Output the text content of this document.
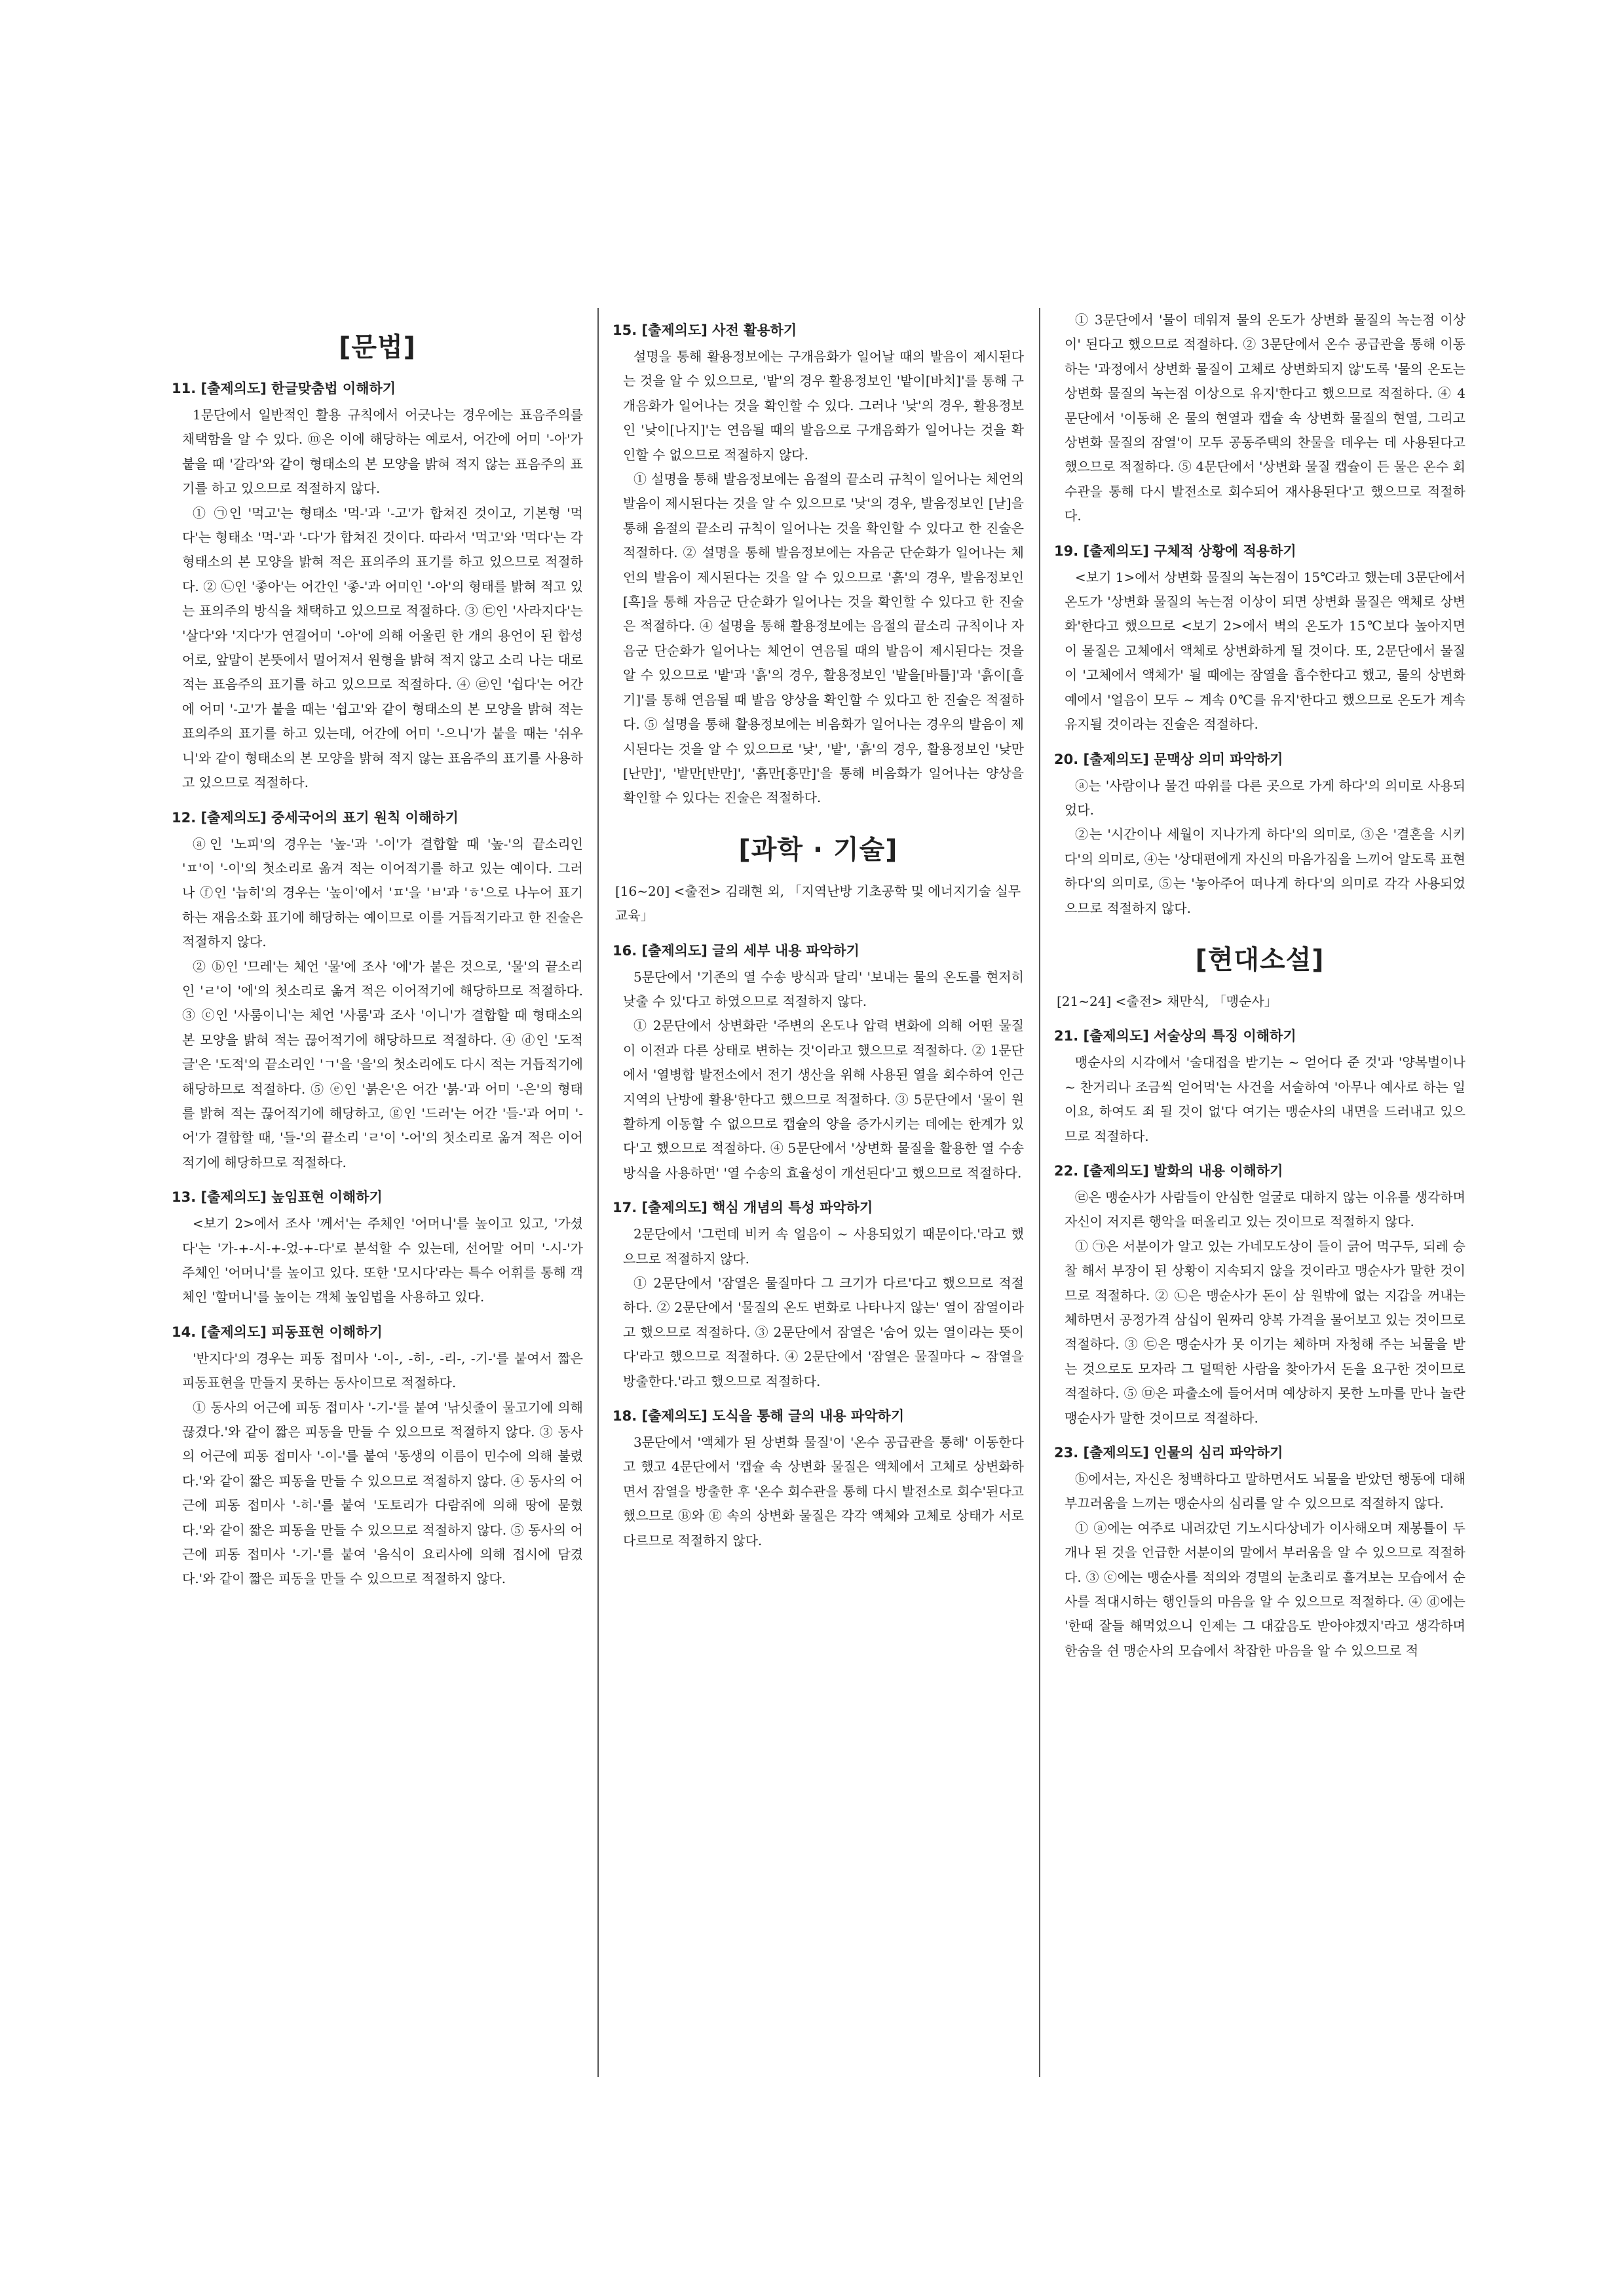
[문법]
11. [출제의도] 한글맞춤법 이해하기

1문단에서 일반적인 활용 규칙에서 어긋나는 경우에는 표음주의를 채택함을 알 수 있다. ⓜ은 이에 해당하는 예로서, 어간에 어미 '-아'가 붙을 때 '갈라'와 같이 형태소의 본 모양을 밝혀 적지 않는 표음주의 표기를 하고 있으므로 적절하지 않다.

① ㉠인 '먹고'는 형태소 '먹-'과 '-고'가 합쳐진 것이고, 기본형 '먹다'는 형태소 '먹-'과 '-다'가 합쳐진 것이다. 따라서 '먹고'와 '먹다'는 각 형태소의 본 모양을 밝혀 적은 표의주의 표기를 하고 있으므로 적절하다. ② ㉡인 '좋아'는 어간인 '좋-'과 어미인 '-아'의 형태를 밝혀 적고 있는 표의주의 방식을 채택하고 있으므로 적절하다. ③ ㉢인 '사라지다'는 '살다'와 '지다'가 연결어미 '-아'에 의해 어울린 한 개의 용언이 된 합성어로, 앞말이 본뜻에서 멀어져서 원형을 밝혀 적지 않고 소리 나는 대로 적는 표음주의 표기를 하고 있으므로 적절하다. ④ ㉣인 '쉽다'는 어간에 어미 '-고'가 붙을 때는 '쉽고'와 같이 형태소의 본 모양을 밝혀 적는 표의주의 표기를 하고 있는데, 어간에 어미 '-으니'가 붙을 때는 '쉬우니'와 같이 형태소의 본 모양을 밝혀 적지 않는 표음주의 표기를 사용하고 있으므로 적절하다.

12. [출제의도] 중세국어의 표기 원칙 이해하기

ⓐ인 '노피'의 경우는 '높-'과 '-이'가 결합할 때 '높-'의 끝소리인 'ㅍ'이 '-이'의 첫소리로 옮겨 적는 이어적기를 하고 있는 예이다. 그러나 ⓕ인 '늡히'의 경우는 '높이'에서 'ㅍ'을 'ㅂ'과 'ㅎ'으로 나누어 표기하는 재음소화 표기에 해당하는 예이므로 이를 거듭적기라고 한 진술은 적절하지 않다.

② ⓑ인 '므레'는 체언 '물'에 조사 '에'가 붙은 것으로, '물'의 끝소리인 'ㄹ'이 '에'의 첫소리로 옮겨 적은 이어적기에 해당하므로 적절하다. ③ ⓒ인 '사룸이니'는 체언 '사룸'과 조사 '이니'가 결합할 때 형태소의 본 모양을 밝혀 적는 끊어적기에 해당하므로 적절하다. ④ ⓓ인 '도적글'은 '도적'의 끝소리인 'ㄱ'을 '을'의 첫소리에도 다시 적는 거듭적기에 해당하므로 적절하다. ⑤ ⓔ인 '붉은'은 어간 '붉-'과 어미 '-은'의 형태를 밝혀 적는 끊어적기에 해당하고, ⓖ인 '드러'는 어간 '들-'과 어미 '-어'가 결합할 때, '들-'의 끝소리 'ㄹ'이 '-어'의 첫소리로 옮겨 적은 이어적기에 해당하므로 적절하다.

13. [출제의도] 높임표현 이해하기

<보기 2>에서 조사 '께서'는 주체인 '어머니'를 높이고 있고, '가셨다'는 '가-+-시-+-었-+-다'로 분석할 수 있는데, 선어말 어미 '-시-'가 주체인 '어머니'를 높이고 있다. 또한 '모시다'라는 특수 어휘를 통해 객체인 '할머니'를 높이는 객체 높임법을 사용하고 있다.

14. [출제의도] 피동표현 이해하기

'반지다'의 경우는 피동 접미사 '-이-, -히-, -리-, -기-'를 붙여서 짧은 피동표현을 만들지 못하는 동사이므로 적절하다.

① 동사의 어근에 피동 접미사 '-기-'를 붙여 '낚싯줄이 물고기에 의해 끊겼다.'와 같이 짧은 피동을 만들 수 있으므로 적절하지 않다. ③ 동사의 어근에 피동 접미사 '-이-'를 붙여 '동생의 이름이 민수에 의해 불렸다.'와 같이 짧은 피동을 만들 수 있으므로 적절하지 않다. ④ 동사의 어근에 피동 접미사 '-히-'를 붙여 '도토리가 다람쥐에 의해 땅에 묻혔다.'와 같이 짧은 피동을 만들 수 있으므로 적절하지 않다. ⑤ 동사의 어근에 피동 접미사 '-기-'를 붙여 '음식이 요리사에 의해 접시에 담겼다.'와 같이 짧은 피동을 만들 수 있으므로 적절하지 않다.

15. [출제의도] 사전 활용하기

설명을 통해 활용정보에는 구개음화가 일어날 때의 발음이 제시된다는 것을 알 수 있으므로, '밭'의 경우 활용정보인 '밭이[바치]'를 통해 구개음화가 일어나는 것을 확인할 수 있다. 그러나 '낮'의 경우, 활용정보인 '낮이[나지]'는 연음될 때의 발음으로 구개음화가 일어나는 것을 확인할 수 없으므로 적절하지 않다.

① 설명을 통해 발음정보에는 음절의 끝소리 규칙이 일어나는 체언의 발음이 제시된다는 것을 알 수 있으므로 '낮'의 경우, 발음정보인 [낟]을 통해 음절의 끝소리 규칙이 일어나는 것을 확인할 수 있다고 한 진술은 적절하다. ② 설명을 통해 발음정보에는 자음군 단순화가 일어나는 체언의 발음이 제시된다는 것을 알 수 있으므로 '흙'의 경우, 발음정보인 [흑]을 통해 자음군 단순화가 일어나는 것을 확인할 수 있다고 한 진술은 적절하다. ④ 설명을 통해 활용정보에는 음절의 끝소리 규칙이나 자음군 단순화가 일어나는 체언이 연음될 때의 발음이 제시된다는 것을 알 수 있으므로 '밭'과 '흙'의 경우, 활용정보인 '밭을[바틀]'과 '흙이[흘기]'를 통해 연음될 때 발음 양상을 확인할 수 있다고 한 진술은 적절하다. ⑤ 설명을 통해 활용정보에는 비음화가 일어나는 경우의 발음이 제시된다는 것을 알 수 있으므로 '낮', '밭', '흙'의 경우, 활용정보인 '낮만[난만]', '밭만[반만]', '흙만[흥만]'을 통해 비음화가 일어나는 양상을 확인할 수 있다는 진술은 적절하다.

[과학 · 기술]

[16~20] <출전> 김래현 외, 「지역난방 기초공학 및 에너지기술 실무교육」

16. [출제의도] 글의 세부 내용 파악하기

5문단에서 '기존의 열 수송 방식과 달리' '보내는 물의 온도를 현저히 낮출 수 있'다고 하였으므로 적절하지 않다.

① 2문단에서 상변화란 '주변의 온도나 압력 변화에 의해 어떤 물질이 이전과 다른 상태로 변하는 것'이라고 했으므로 적절하다. ② 1문단에서 '열병합 발전소에서 전기 생산을 위해 사용된 열을 회수하여 인근 지역의 난방에 활용'한다고 했으므로 적절하다. ③ 5문단에서 '물이 원활하게 이동할 수 없으므로 캡슐의 양을 증가시키는 데에는 한계가 있다'고 했으므로 적절하다. ④ 5문단에서 '상변화 물질을 활용한 열 수송 방식을 사용하면' '열 수송의 효율성이 개선된다'고 했으므로 적절하다.

17. [출제의도] 핵심 개념의 특성 파악하기

2문단에서 '그런데 비커 속 얼음이 ~ 사용되었기 때문이다.'라고 했으므로 적절하지 않다.

① 2문단에서 '잠열은 물질마다 그 크기가 다르'다고 했으므로 적절하다. ② 2문단에서 '물질의 온도 변화로 나타나지 않는' 열이 잠열이라고 했으므로 적절하다. ③ 2문단에서 잠열은 '숨어 있는 열이라는 뜻이다'라고 했으므로 적절하다. ④ 2문단에서 '잠열은 물질마다 ~ 잠열을 방출한다.'라고 했으므로 적절하다.

18. [출제의도] 도식을 통해 글의 내용 파악하기

3문단에서 '액체가 된 상변화 물질'이 '온수 공급관을 통해' 이동한다고 했고 4문단에서 '캡슐 속 상변화 물질은 액체에서 고체로 상변화하면서 잠열을 방출한 후 '온수 회수관을 통해 다시 발전소로 회수'된다고 했으므로 Ⓑ와 Ⓔ 속의 상변화 물질은 각각 액체와 고체로 상태가 서로 다르므로 적절하지 않다.

① 3문단에서 '물이 데워져 물의 온도가 상변화 물질의 녹는점 이상이' 된다고 했으므로 적절하다. ② 3문단에서 온수 공급관을 통해 이동하는 '과정에서 상변화 물질이 고체로 상변화되지 않'도록 '물의 온도는 상변화 물질의 녹는점 이상으로 유지'한다고 했으므로 적절하다. ④ 4문단에서 '이동해 온 물의 현열과 캡슐 속 상변화 물질의 현열, 그리고 상변화 물질의 잠열'이 모두 공동주택의 찬물을 데우는 데 사용된다고 했으므로 적절하다. ⑤ 4문단에서 '상변화 물질 캡슐이 든 물은 온수 회수관을 통해 다시 발전소로 회수되어 재사용된다'고 했으므로 적절하다.

19. [출제의도] 구체적 상황에 적용하기

<보기 1>에서 상변화 물질의 녹는점이 15℃라고 했는데 3문단에서 온도가 '상변화 물질의 녹는점 이상이 되면 상변화 물질은 액체로 상변화'한다고 했으므로 <보기 2>에서 벽의 온도가 15℃보다 높아지면 이 물질은 고체에서 액체로 상변화하게 될 것이다. 또, 2문단에서 물질이 '고체에서 액체가' 될 때에는 잠열을 흡수한다고 했고, 물의 상변화 예에서 '얼음이 모두 ~ 계속 0℃를 유지'한다고 했으므로 온도가 계속 유지될 것이라는 진술은 적절하다.

20. [출제의도] 문맥상 의미 파악하기

ⓐ는 '사람이나 물건 따위를 다른 곳으로 가게 하다'의 의미로 사용되었다.

②는 '시간이나 세월이 지나가게 하다'의 의미로, ③은 '결혼을 시키다'의 의미로, ④는 '상대편에게 자신의 마음가짐을 느끼어 알도록 표현하다'의 의미로, ⑤는 '놓아주어 떠나게 하다'의 의미로 각각 사용되었으므로 적절하지 않다.

[현대소설]

[21~24] <출전> 채만식, 「맹순사」

21. [출제의도] 서술상의 특징 이해하기

맹순사의 시각에서 '술대접을 받기는 ~ 얻어다 준 것'과 '양복벌이나 ~ 찬거리나 조금씩 얻어먹'는 사건을 서술하여 '아무나 예사로 하는 일이요, 하여도 죄 될 것이 없'다 여기는 맹순사의 내면을 드러내고 있으므로 적절하다.

22. [출제의도] 발화의 내용 이해하기

㉣은 맹순사가 사람들이 안심한 얼굴로 대하지 않는 이유를 생각하며 자신이 저지른 행악을 떠올리고 있는 것이므로 적절하지 않다.

① ㉠은 서분이가 알고 있는 가네모도상이 들이 긁어 먹구두, 되레 승찰 해서 부장이 된 상황이 지속되지 않을 것이라고 맹순사가 말한 것이므로 적절하다. ② ㉡은 맹순사가 돈이 삼 원밖에 없는 지갑을 꺼내는 체하면서 공정가격 삼십이 원짜리 양복 가격을 물어보고 있는 것이므로 적절하다. ③ ㉢은 맹순사가 못 이기는 체하며 자청해 주는 뇌물을 받는 것으로도 모자라 그 덜떡한 사람을 찾아가서 돈을 요구한 것이므로 적절하다. ⑤ ㉤은 파출소에 들어서며 예상하지 못한 노마를 만나 놀란 맹순사가 말한 것이므로 적절하다.

23. [출제의도] 인물의 심리 파악하기

ⓑ에서는, 자신은 청백하다고 말하면서도 뇌물을 받았던 행동에 대해 부끄러움을 느끼는 맹순사의 심리를 알 수 있으므로 적절하지 않다.

① ⓐ에는 여주로 내려갔던 기노시다상네가 이사해오며 재봉틀이 두 개나 된 것을 언급한 서분이의 말에서 부러움을 알 수 있으므로 적절하다. ③ ⓒ에는 맹순사를 적의와 경멸의 눈초리로 흘겨보는 모습에서 순사를 적대시하는 행인들의 마음을 알 수 있으므로 적절하다. ④ ⓓ에는 '한때 잘들 해먹었으니 인제는 그 대갚음도 받아야겠지'라고 생각하며 한숨을 쉰 맹순사의 모습에서 착잡한 마음을 알 수 있으므로 적
